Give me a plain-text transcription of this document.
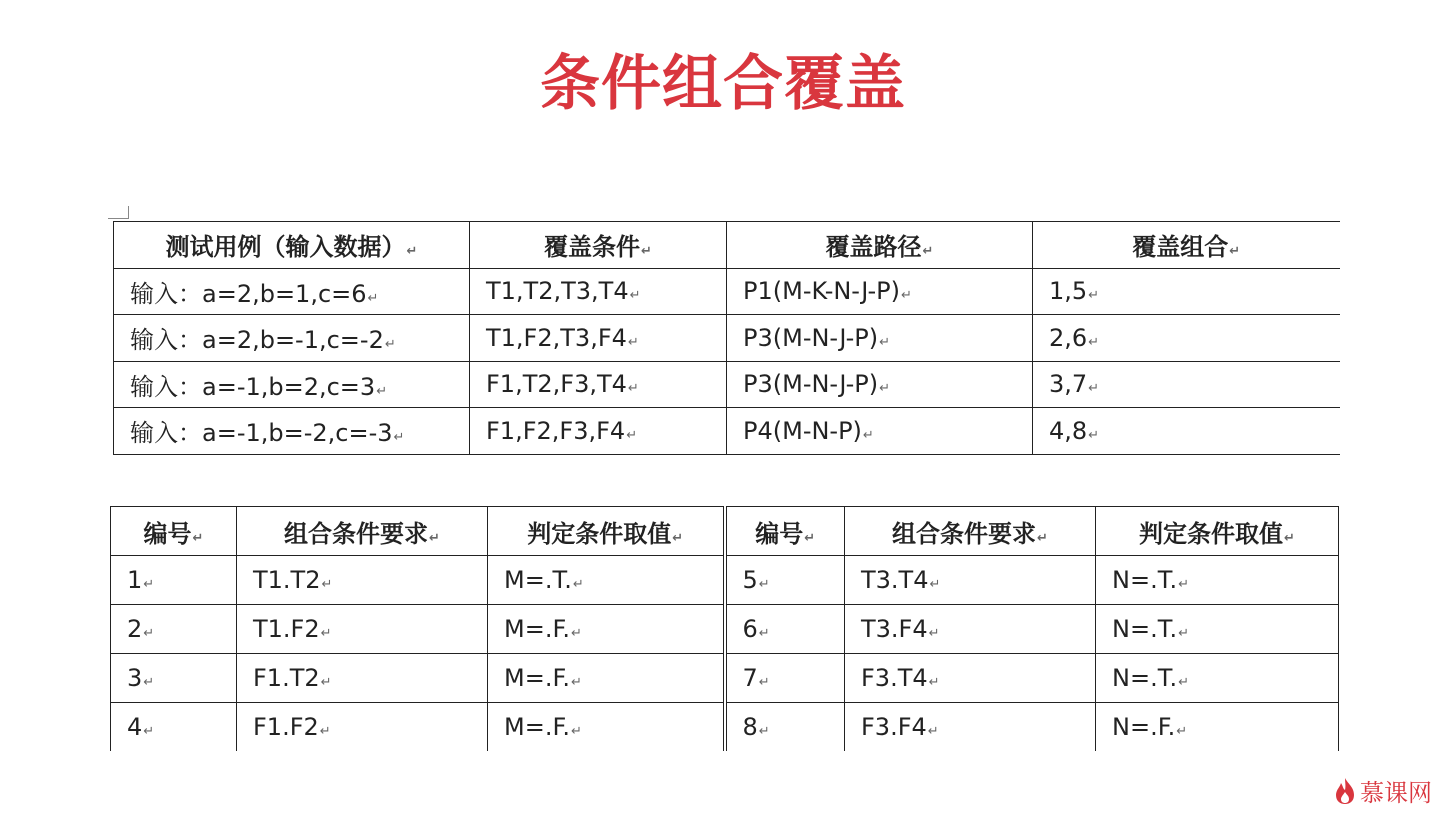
条件组合覆盖
测试用例（输入数据）↵	覆盖条件↵	覆盖路径↵	覆盖组合↵
输入：a=2,b=1,c=6↵	T1,T2,T3,T4↵	P1(M-K-N-J-P)↵	1,5↵
输入：a=2,b=-1,c=-2↵	T1,F2,T3,F4↵	P3(M-N-J-P)↵	2,6↵
输入：a=-1,b=2,c=3↵	F1,T2,F3,T4↵	P3(M-N-J-P)↵	3,7↵
输入：a=-1,b=-2,c=-3↵	F1,F2,F3,F4↵	P4(M-N-P)↵	4,8↵
编号↵	组合条件要求↵	判定条件取值↵	编号↵	组合条件要求↵	判定条件取值↵
1↵	T1.T2↵	M=.T.↵	5↵	T3.T4↵	N=.T.↵
2↵	T1.F2↵	M=.F.↵	6↵	T3.F4↵	N=.T.↵
3↵	F1.T2↵	M=.F.↵	7↵	F3.T4↵	N=.T.↵
4↵	F1.F2↵	M=.F.↵	8↵	F3.F4↵	N=.F.↵
慕课网
